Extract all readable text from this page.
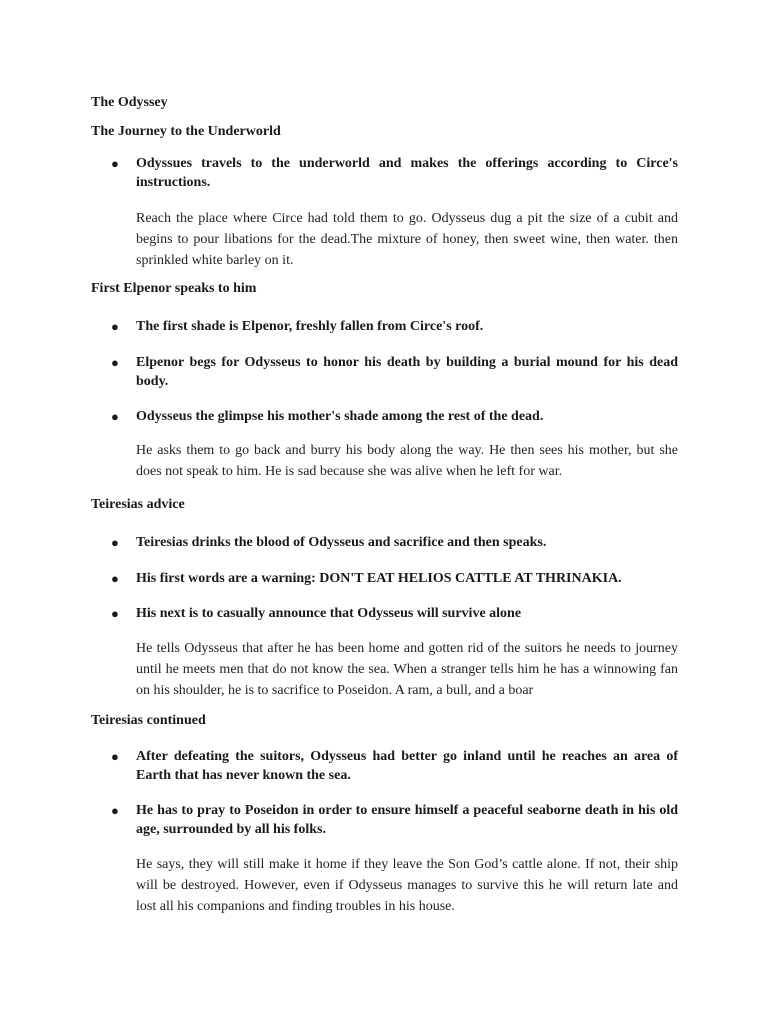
The Odyssey
The Journey to the Underworld
● Odyssues travels to the underworld and makes the offerings according to Circe's instructions.
Reach the place where Circe had told them to go. Odysseus dug a pit the size of a cubit and begins to pour libations for the dead.The mixture of honey, then sweet wine, then water. then sprinkled white barley on it.
First Elpenor speaks to him
● The first shade is Elpenor, freshly fallen from Circe's roof.
● Elpenor begs for Odysseus to honor his death by building a burial mound for his dead body.
● Odysseus the glimpse his mother's shade among the rest of the dead.
He asks them to go back and burry his body along the way. He then sees his mother, but she does not speak to him. He is sad because she was alive when he left for war.
Teiresias advice
● Teiresias drinks the blood of Odysseus and sacrifice and then speaks.
● His first words are a warning: DON'T EAT HELIOS CATTLE AT THRINAKIA.
● His next is to casually announce that Odysseus will survive alone
He tells Odysseus that after he has been home and gotten rid of the suitors he needs to journey until he meets men that do not know the sea. When a stranger tells him he has a winnowing fan on his shoulder, he is to sacrifice to Poseidon. A ram, a bull, and a boar
Teiresias continued
● After defeating the suitors, Odysseus had better go inland until he reaches an area of Earth that has never known the sea.
● He has to pray to Poseidon in order to ensure himself a peaceful seaborne death in his old age, surrounded by all his folks.
He says, they will still make it home if they leave the Son God’s cattle alone. If not, their ship will be destroyed. However, even if Odysseus manages to survive this he will return late and lost all his companions and finding troubles in his house.
